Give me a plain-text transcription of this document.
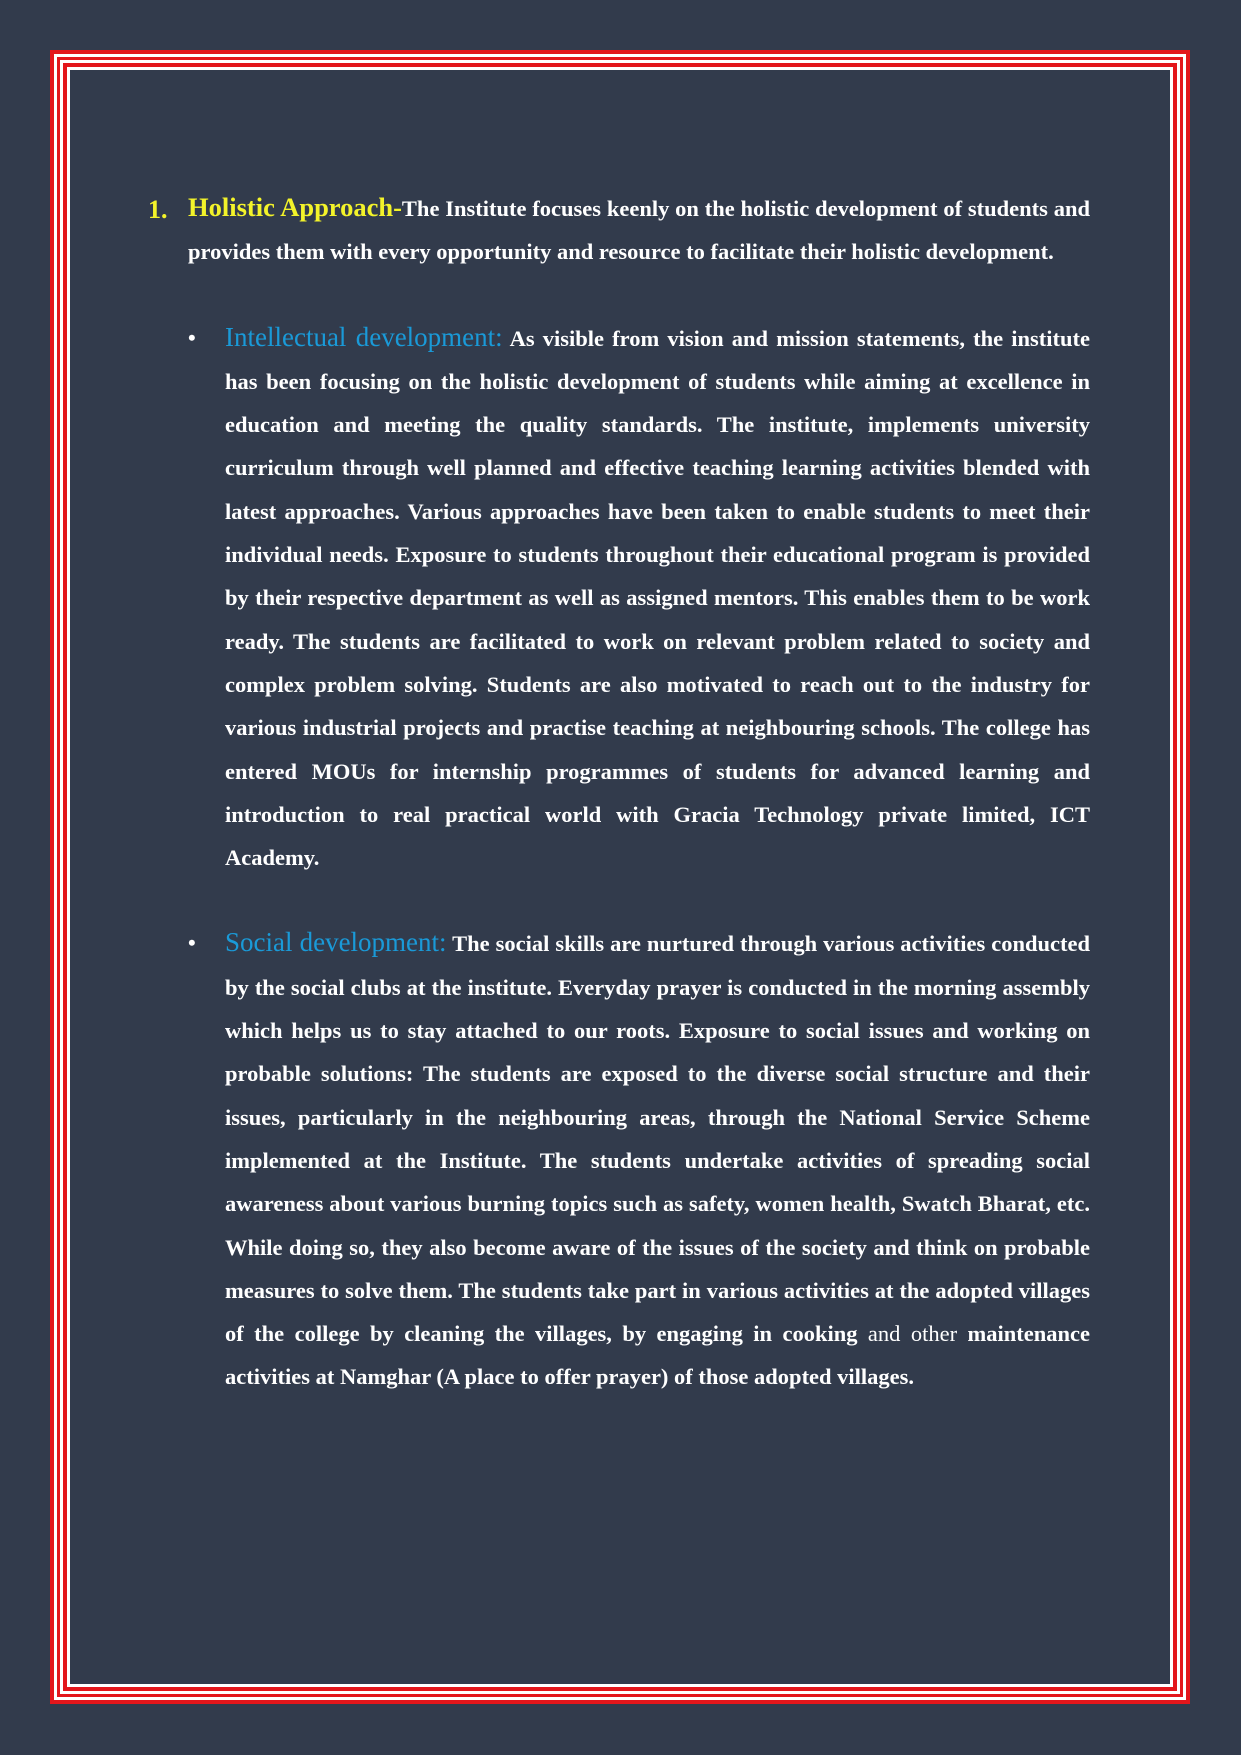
1. Holistic Approach-The Institute focuses keenly on the holistic development of students and provides them with every opportunity and resource to facilitate their holistic development.
•	Intellectual development: As visible from vision and mission statements, the institute has been focusing on the holistic development of students while aiming at excellence in education and meeting the quality standards. The institute, implements university curriculum through well planned and effective teaching learning activities blended with latest approaches. Various approaches have been taken to enable students to meet their individual needs. Exposure to students throughout their educational program is provided by their respective department as well as assigned mentors. This enables them to be work ready. The students are facilitated to work on relevant problem related to society and complex problem solving. Students are also motivated to reach out to the industry for various industrial projects and practise teaching at neighbouring schools. The college has entered MOUs for internship programmes of students for advanced learning and introduction to real practical world with Gracia Technology private limited, ICT Academy.
•	Social development: The social skills are nurtured through various activities conducted by the social clubs at the institute. Everyday prayer is conducted in the morning assembly which helps us to stay attached to our roots. Exposure to social issues and working on probable solutions: The students are exposed to the diverse social structure and their issues, particularly in the neighbouring areas, through the National Service Scheme implemented at the Institute. The students undertake activities of spreading social awareness about various burning topics such as safety, women health, Swatch Bharat, etc. While doing so, they also become aware of the issues of the society and think on probable measures to solve them. The students take part in various activities at the adopted villages of the college by cleaning the villages, by engaging in cooking and other maintenance activities at Namghar (A place to offer prayer) of those adopted villages.
